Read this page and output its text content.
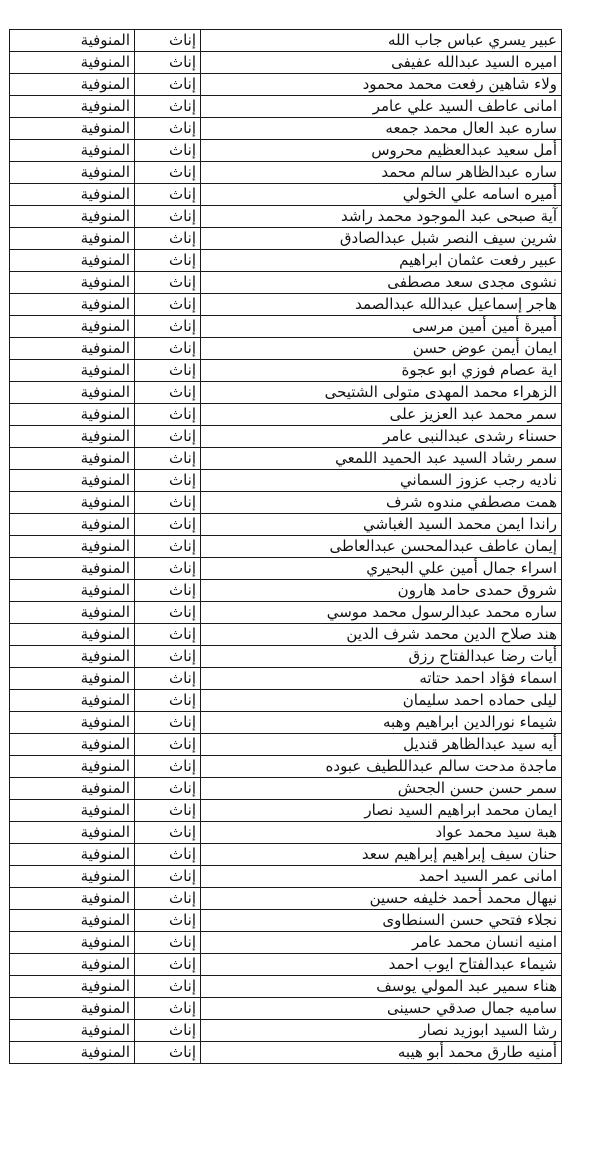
عبير يسري عباس جاب الله	إناث	المنوفية
اميره السيد عبدالله عفيفى	إناث	المنوفية
ولاء شاهين رفعت محمد محمود	إناث	المنوفية
امانى عاطف السيد علي عامر	إناث	المنوفية
ساره عبد العال محمد جمعه	إناث	المنوفية
أمل سعيد عبدالعظيم محروس	إناث	المنوفية
ساره عبدالظاهر سالم محمد	إناث	المنوفية
أميره اسامه علي الخولي	إناث	المنوفية
آية صبحى عبد الموجود محمد راشد	إناث	المنوفية
شرين سيف النصر شبل عبدالصادق	إناث	المنوفية
عبير رفعت عثمان ابراهيم	إناث	المنوفية
نشوى مجدى سعد مصطفى	إناث	المنوفية
هاجر إسماعيل عبدالله عبدالصمد	إناث	المنوفية
أميرة أمين أمين مرسى	إناث	المنوفية
ايمان أيمن عوض حسن	إناث	المنوفية
اية عصام فوزي ابو عجوة	إناث	المنوفية
الزهراء محمد المهدى متولى الشتيحى	إناث	المنوفية
سمر محمد عبد العزيز على	إناث	المنوفية
حسناء رشدى عبدالنبى عامر	إناث	المنوفية
سمر رشاد السيد عبد الحميد اللمعي	إناث	المنوفية
ناديه رجب عزوز السماني	إناث	المنوفية
همت مصطفي مندوه شرف	إناث	المنوفية
راندا ايمن محمد السيد الغباشي	إناث	المنوفية
إيمان عاطف عبدالمحسن عبدالعاطى	إناث	المنوفية
اسراء جمال أمين علي البحيري	إناث	المنوفية
شروق حمدى حامد هارون	إناث	المنوفية
ساره محمد عبدالرسول محمد موسي	إناث	المنوفية
هند صلاح الدين محمد شرف الدين	إناث	المنوفية
أيات رضا عبدالفتاح رزق	إناث	المنوفية
اسماء فؤاد احمد حتاته	إناث	المنوفية
ليلى حماده احمد سليمان	إناث	المنوفية
شيماء نورالدين ابراهيم وهبه	إناث	المنوفية
أيه سيد عبدالظاهر قنديل	إناث	المنوفية
ماجدة مدحت سالم عبداللطيف عبوده	إناث	المنوفية
سمر حسن حسن الجحش	إناث	المنوفية
ايمان محمد ابراهيم السيد نصار	إناث	المنوفية
هبة سيد محمد عواد	إناث	المنوفية
حنان سيف إبراهيم إبراهيم سعد	إناث	المنوفية
امانى عمر السيد احمد	إناث	المنوفية
نيهال محمد أحمد خليفه حسين	إناث	المنوفية
نجلاء فتحي حسن السنطاوى	إناث	المنوفية
امنيه انسان محمد عامر	إناث	المنوفية
شيماء عبدالفتاح ايوب احمد	إناث	المنوفية
هناء سمير عبد المولي يوسف	إناث	المنوفية
ساميه جمال صدقي حسينى	إناث	المنوفية
رشا السيد ابوزيد نصار	إناث	المنوفية
أمنيه طارق محمد أبو هيبه	إناث	المنوفية
